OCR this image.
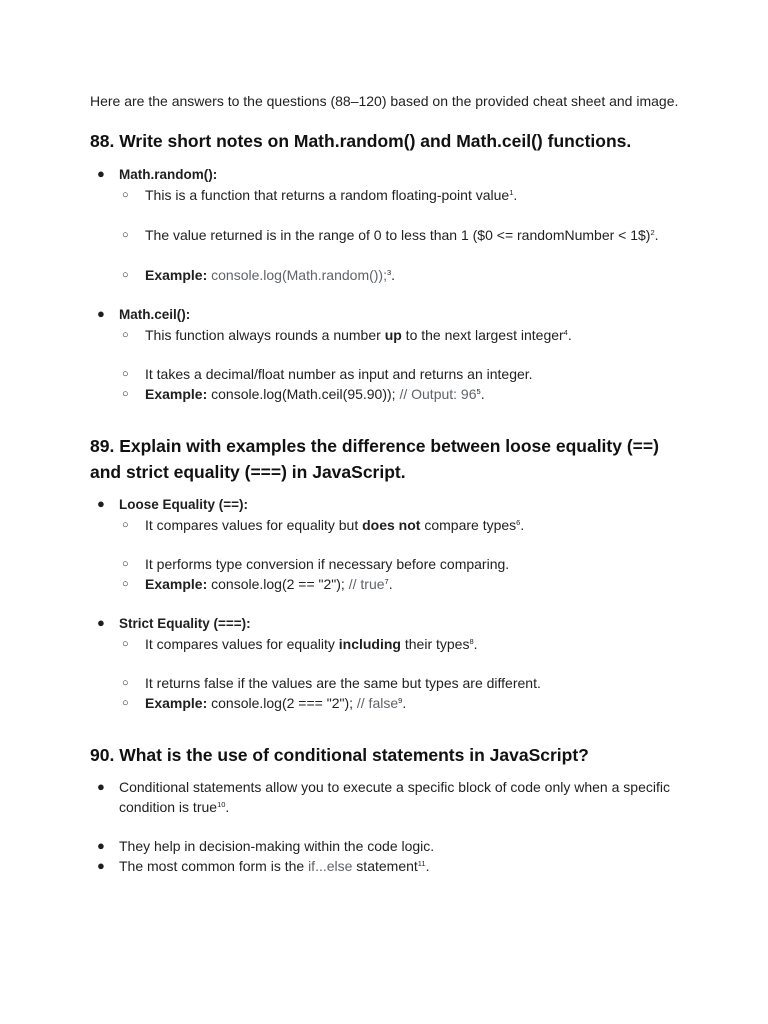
Here are the answers to the questions (88–120) based on the provided cheat sheet and image.

88. Write short notes on Math.random() and Math.ceil() functions.
● Math.random():
○ This is a function that returns a random floating-point value$^1$.
○ The value returned is in the range of 0 to less than 1 ($0 <= randomNumber < 1$)$^2$.
○ Example: console.log(Math.random());$^3$.
● Math.ceil():
○ This function always rounds a number up to the next largest integer$^4$.
○ It takes a decimal/float number as input and returns an integer.
○ Example: console.log(Math.ceil(95.90)); // Output: $96^5$.
89. Explain with examples the difference between loose equality (==) and strict equality (===) in JavaScript.
● Loose Equality (==):
○ It compares values for equality but does not compare types$^6$.
○ It performs type conversion if necessary before comparing.
○ Example: console.log(2 == "2"); // true$^7$.
● Strict Equality (===):
○ It compares values for equality including their types$^8$.
○ It returns false if the values are the same but types are different.
○ Example: console.log(2 === "2"); // false$^9$.
90. What is the use of conditional statements in JavaScript?
● Conditional statements allow you to execute a specific block of code only when a specific condition is true$^{10}$.
● They help in decision-making within the code logic.
● The most common form is the if...else statement$^{11}$.
